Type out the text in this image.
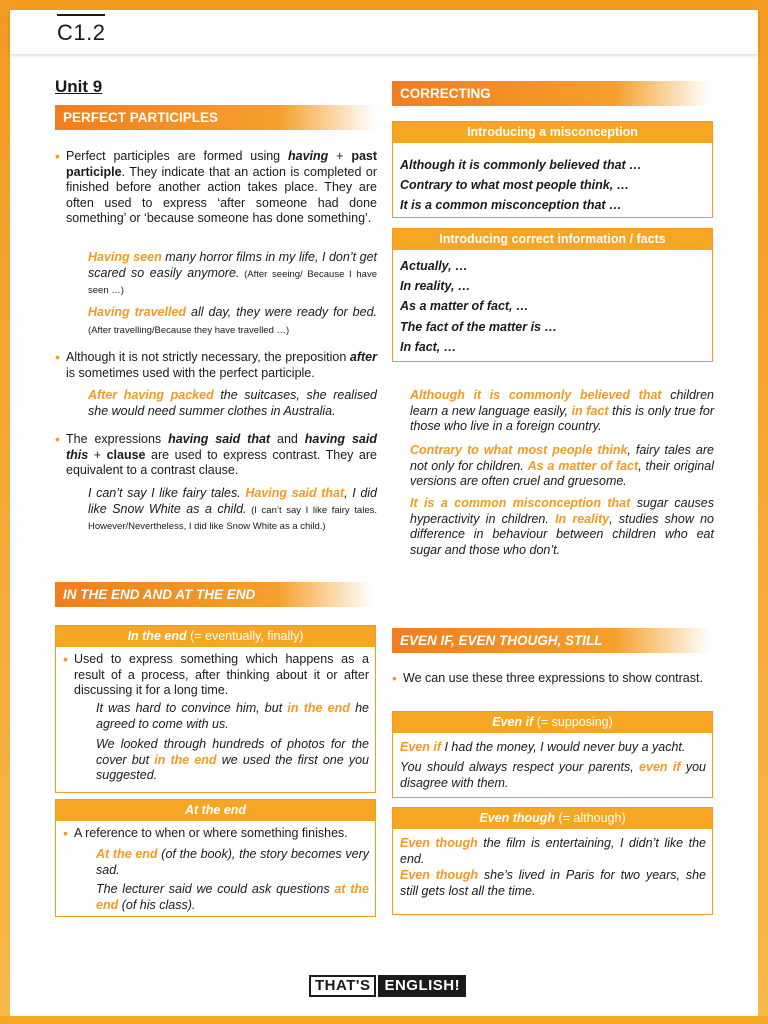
C1.2
Unit 9
PERFECT PARTICIPLES
• Perfect participles are formed using having + past participle. They indicate that an action is completed or finished before another action takes place. They are often used to express ‘after someone had done something’ or ‘because someone has done something’.
Having seen many horror films in my life, I don’t get scared so easily anymore. (After seeing/ Because I have seen …)
Having travelled all day, they were ready for bed. (After travelling/Because they have travelled …)
• Although it is not strictly necessary, the preposition after is sometimes used with the perfect participle.
After having packed the suitcases, she realised she would need summer clothes in Australia.
• The expressions having said that and having said this + clause are used to express contrast. They are equivalent to a contrast clause.
I can’t say I like fairy tales. Having said that, I did like Snow White as a child. (I can’t say I like fairy tales. However/Nevertheless, I did like Snow White as a child.)
CORRECTING
Introducing a misconception
Although it is commonly believed that …
Contrary to what most people think, …
It is a common misconception that …
Introducing correct information / facts
Actually, …
In reality, …
As a matter of fact, …
The fact of the matter is …
In fact, …
Although it is commonly believed that children learn a new language easily, in fact this is only true for those who live in a foreign country.
Contrary to what most people think, fairy tales are not only for children. As a matter of fact, their original versions are often cruel and gruesome.
It is a common misconception that sugar causes hyperactivity in children. In reality, studies show no difference in behaviour between children who eat sugar and those who don’t.
IN THE END AND AT THE END
In the end (= eventually, finally)
• Used to express something which happens as a result of a process, after thinking about it or after discussing it for a long time.
It was hard to convince him, but in the end he agreed to come with us.
We looked through hundreds of photos for the cover but in the end we used the first one you suggested.
At the end
• A reference to when or where something finishes.
At the end (of the book), the story becomes very sad.
The lecturer said we could ask questions at the end (of his class).
EVEN IF, EVEN THOUGH, STILL
• We can use these three expressions to show contrast.
Even if (= supposing)
Even if I had the money, I would never buy a yacht.
You should always respect your parents, even if you disagree with them.
Even though (= although)
Even though the film is entertaining, I didn’t like the end.
Even though she’s lived in Paris for two years, she still gets lost all the time.
THAT'S ENGLISH!
